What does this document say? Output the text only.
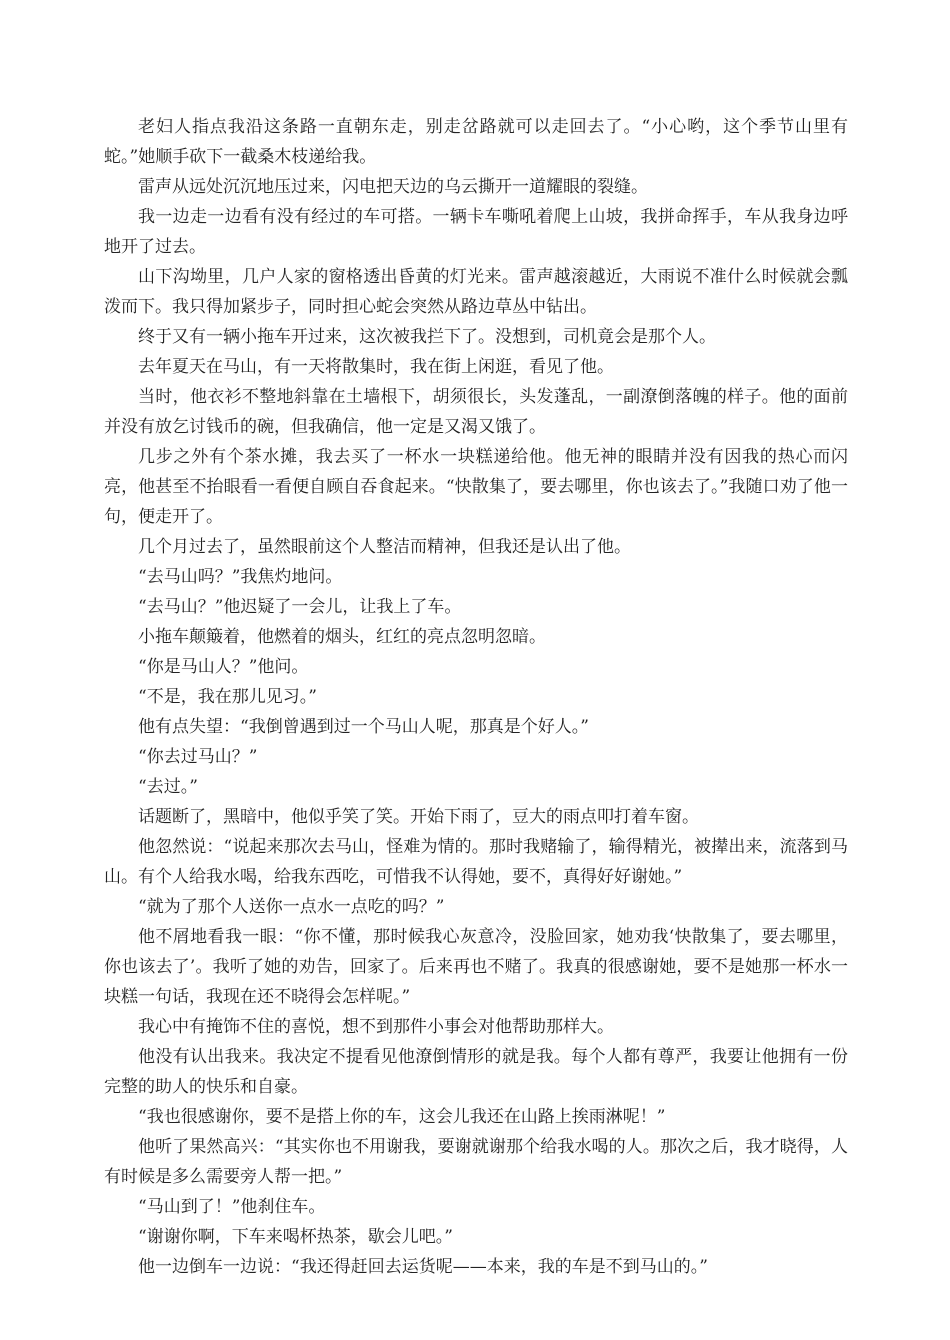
老妇人指点我沿这条路一直朝东走，别走岔路就可以走回去了。“小心哟，这个季节山里有蛇。”她顺手砍下一截桑木枝递给我。

雷声从远处沉沉地压过来，闪电把天边的乌云撕开一道耀眼的裂缝。

我一边走一边看有没有经过的车可搭。一辆卡车嘶吼着爬上山坡，我拼命挥手，车从我身边呼地开了过去。

山下沟坳里，几户人家的窗格透出昏黄的灯光来。雷声越滚越近，大雨说不准什么时候就会瓢泼而下。我只得加紧步子，同时担心蛇会突然从路边草丛中钻出。

终于又有一辆小拖车开过来，这次被我拦下了。没想到，司机竟会是那个人。

去年夏天在马山，有一天将散集时，我在街上闲逛，看见了他。

当时，他衣衫不整地斜靠在土墙根下，胡须很长，头发蓬乱，一副潦倒落魄的样子。他的面前并没有放乞讨钱币的碗，但我确信，他一定是又渴又饿了。

几步之外有个茶水摊，我去买了一杯水一块糕递给他。他无神的眼睛并没有因我的热心而闪亮，他甚至不抬眼看一看便自顾自吞食起来。“快散集了，要去哪里，你也该去了。”我随口劝了他一句，便走开了。

几个月过去了，虽然眼前这个人整洁而精神，但我还是认出了他。

“去马山吗？”我焦灼地问。

“去马山？”他迟疑了一会儿，让我上了车。

小拖车颠簸着，他燃着的烟头，红红的亮点忽明忽暗。

“你是马山人？”他问。

“不是，我在那儿见习。”

他有点失望：“我倒曾遇到过一个马山人呢，那真是个好人。”

“你去过马山？”

“去过。”

话题断了，黑暗中，他似乎笑了笑。开始下雨了，豆大的雨点叩打着车窗。

他忽然说：“说起来那次去马山，怪难为情的。那时我赌输了，输得精光，被撵出来，流落到马山。有个人给我水喝，给我东西吃，可惜我不认得她，要不，真得好好谢她。”

“就为了那个人送你一点水一点吃的吗？”

他不屑地看我一眼：“你不懂，那时候我心灰意冷，没脸回家，她劝我‘快散集了，要去哪里，你也该去了’。我听了她的劝告，回家了。后来再也不赌了。我真的很感谢她，要不是她那一杯水一块糕一句话，我现在还不晓得会怎样呢。”

我心中有掩饰不住的喜悦，想不到那件小事会对他帮助那样大。

他没有认出我来。我决定不提看见他潦倒情形的就是我。每个人都有尊严，我要让他拥有一份完整的助人的快乐和自豪。

“我也很感谢你，要不是搭上你的车，这会儿我还在山路上挨雨淋呢！”

他听了果然高兴：“其实你也不用谢我，要谢就谢那个给我水喝的人。那次之后，我才晓得，人有时候是多么需要旁人帮一把。”

“马山到了！”他刹住车。

“谢谢你啊，下车来喝杯热茶，歇会儿吧。”

他一边倒车一边说：“我还得赶回去运货呢——本来，我的车是不到马山的。”
